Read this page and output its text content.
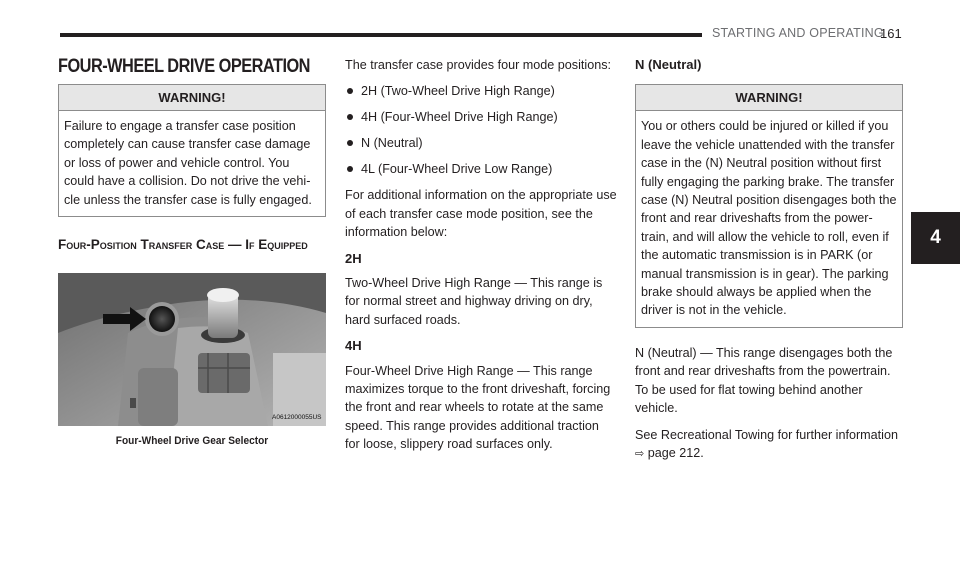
STARTING AND OPERATING
161
4
FOUR-WHEEL DRIVE OPERATION
WARNING!
Failure to engage a transfer case position completely can cause transfer case damage or loss of power and vehicle control. You could have a collision. Do not drive the vehi-cle unless the transfer case is fully engaged.
Four-Position Transfer Case — If Equipped
A0612000055US
Four-Wheel Drive Gear Selector

The transfer case provides four mode positions:

2H (Two-Wheel Drive High Range)
4H (Four-Wheel Drive High Range)
N (Neutral)
4L (Four-Wheel Drive Low Range)

For additional information on the appropriate use of each transfer case mode position, see the information below:

2H

Two-Wheel Drive High Range — This range is for normal street and highway driving on dry, hard surfaced roads.

4H

Four-Wheel Drive High Range — This range maximizes torque to the front driveshaft, forcing the front and rear wheels to rotate at the same speed. This range provides additional traction for loose, slippery road surfaces only.

N (Neutral)
WARNING!
You or others could be injured or killed if you leave the vehicle unattended with the transfer case in the (N) Neutral position without first fully engaging the parking brake. The transfer case (N) Neutral position disengages both the front and rear driveshafts from the power-train, and will allow the vehicle to roll, even if the automatic transmission is in PARK (or manual transmission is in gear). The parking brake should always be applied when the driver is not in the vehicle.

N (Neutral) — This range disengages both the front and rear driveshafts from the powertrain. To be used for flat towing behind another vehicle.

See Recreational Towing for further information
⇨ page 212.
